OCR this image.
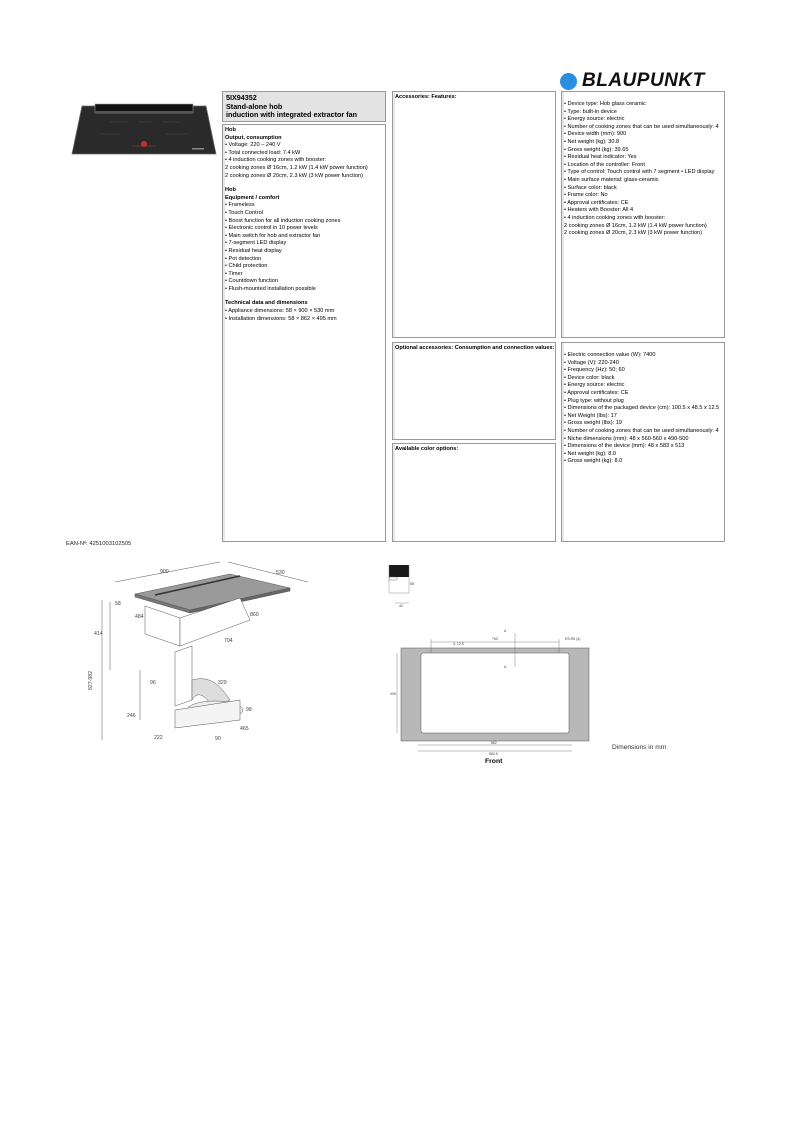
BLAUPUNKT
5IX94352
Stand-alone hob
induction with integrated extractor fan
Hob
Output, consumption
• Voltage: 220 – 240 V
• Total connected load: 7.4 kW
• 4 induction cooking zones with booster:
2 cooking zones Ø 16cm, 1.2 kW (1.4 kW power function)
2 cooking zones Ø 20cm, 2.3 kW (3 kW power function)
Hob
Equipment / comfort
• Frameless
• Touch Control
• Boost function for all induction cooking zones
• Electronic control in 10 power levels
• Main switch for hob and extractor fan
• 7-segment LED display
• Residual heat display
• Pot detection
• Child protection
• Timer
• Countdown function
• Flush-mounted installation possible
Technical data and dimensions
• Appliance dimensions: 58 × 900 × 530 mm
• Installation dimensions: 58 × 862 × 495 mm
Accessories: Features:
Optional accessories: Consumption and connection values:
Available color options:
• Device type: Hob glass ceramic
• Type: built-in device
• Energy source: electric
• Number of cooking zones that can be used simultaneously: 4
• Device width (mm): 900
• Net weight (kg): 30.8
• Gross weight (kg): 39.65
• Residual heat indicator: Yes
• Location of the controller: Front
• Type of control: Touch control with 7 segment • LED display
• Main surface material: glass-ceramic
• Surface color: black
• Frame color: No
• Approval certificates: CE
• Heaters with Booster: All 4
• 4 induction cooking zones with booster:
2 cooking zones Ø 16cm, 1.2 kW (1.4 kW power function)
2 cooking zones Ø 20cm, 2.3 kW (3 kW power function)
• Electric connection value (W): 7400
• Voltage (V): 220-240
• Frequency (Hz): 50; 60
• Device color: black
• Energy source: electric
• Approval certificates: CE
• Plug type: without plug
• Dimensions of the packaged device (cm): 100.5 x 48.5 x 12.5
• Net Weight (lbs): 17
• Gross weight (lbs): 19
• Number of cooking zones that can be used simultaneously: 4
• Niche dimensions (mm): 48 x 560-560 x 490-500
• Dimensions of the device (mm): 48 x 583 x 513
• Net weight (kg): 8.0
• Gross weight (kg): 8.0
EAN-Nº: 4251003102505
900	530
58
484	860
414
704
827-982	96	329
98
246
222	90
465
58
40
760
A
A
R3-R5 (4)
4, 12.5
495
862
862.5
Front
Dimensions in mm
